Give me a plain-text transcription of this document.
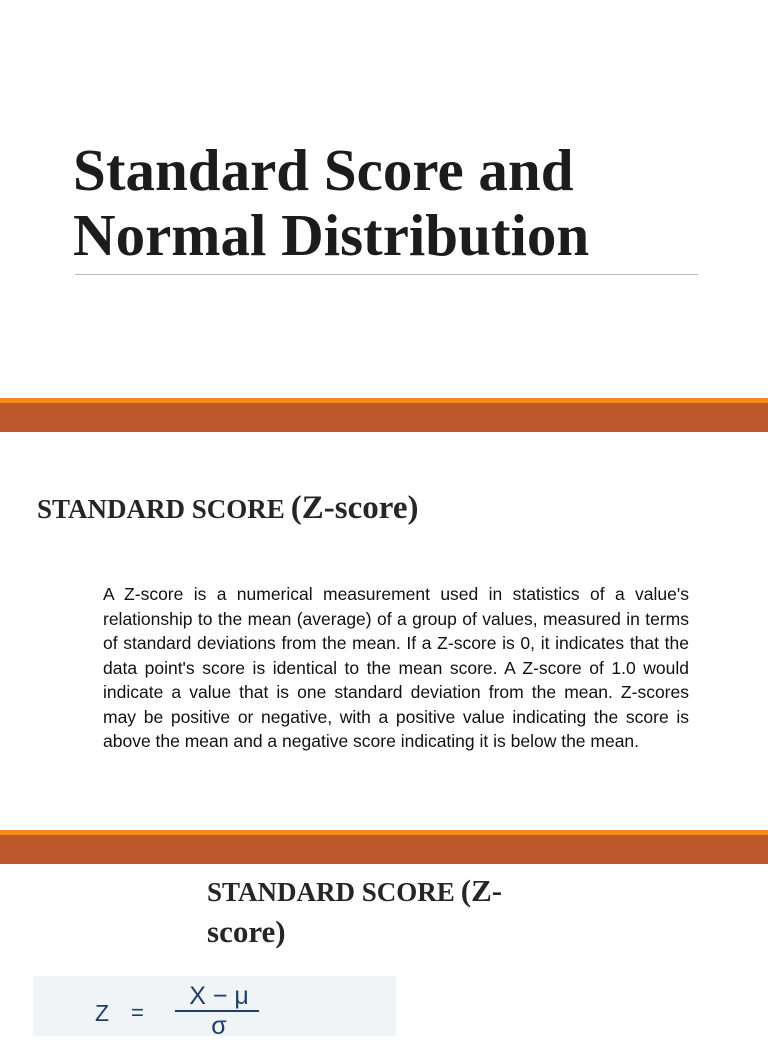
Standard Score and
Normal Distribution
STANDARD SCORE (Z-score)

A Z-score is a numerical measurement used in statistics of a value's relationship to the mean (average) of a group of values, measured in terms of standard deviations from the mean. If a Z-score is 0, it indicates that the data point's score is identical to the mean score. A Z-score of 1.0 would indicate a value that is one standard deviation from the mean. Z-scores may be positive or negative, with a positive value indicating the score is above the mean and a negative score indicating it is below the mean.

STANDARD SCORE (Z-score)
Z =
X − μ
σ
